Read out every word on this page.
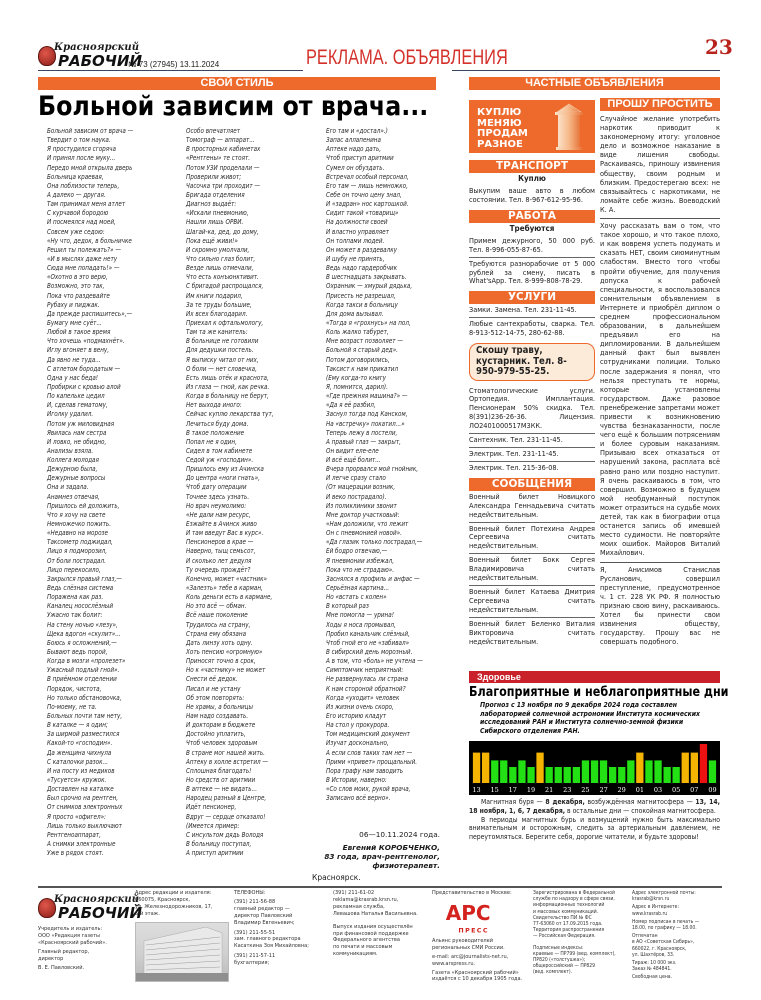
Красноярский
РАБОЧИЙ
№ 73 (27945) 13.11.2024	РЕКЛАМА. ОБЪЯВЛЕНИЯ	23
СВОЙ СТИЛЬ
Больной зависим от врача...
Больной зависим от врача —
Твердит о том наука.
Я простудился сгоряча
И принял после муку...
Передо мной открыла дверь
Больница краевая,
Она поблизости теперь,
А далеко — другая.
Там принимал меня атлет
С курчавой бородою
И посмеялся над моей,
Совсем уже седою:
«Ну что, дедок, в больничке
Решил ты полежать?» —
«И в мыслях даже нету
Сюда мне попадать!» —
«Охотно в это верю,
Возможно, это так,
Пока что раздевайте
Рубаху и пиджак.
Да прежде распишитесь»,—
Бумагу мне суёт...
Любой в такое время
Что хочешь «подмахнёт».
Иглу вгоняет в вену,
Да явно не туда...
С атлетом бородатым —
Одна у нас беда!
Пробирки с кровью алой
По капельке цедил
И, сделав гематому,
Иголку удалил.
Потом уж миловидная
Явилась нам сестра
И ловко, не обидно,
Анализы взяла.
Коллега молодая
Дежурною была,
Дежурные вопросы
Она и задала.
Анамнез отвечая,
Пришлось ей доложить,
Что я хочу на свете
Немножечко пожить.
«Недавно на морозе
Таксометр поджидал,
Лицо я подморозил,
От боли пострадал.
Лицо перекосило,
Закрылся правый глаз,—
Ведь слёзная система
Поражена как раз.
Каналец носослёзный
Ужасно так болит:
На стену ночью «лезу»,
Щека вдогон «скулит»...
Боюсь я осложнений,—
Бывают ведь порой,
Когда в мозги «пролезет»
Ужасный подлый гной».
В приёмном отделении
Порядок, чистота,
Но только обстановочка,
По-моему, не та.
Больных почти там нету,
В каталке — я один;
За ширмой разместился
Какой-то «господин».
Да женщина чихнула
С каталочки разок...
И на посту из медиков
«Тусуется» кружок.
Доставлен на каталке
Был срочно на рентген,
От снимков электронных
Я просто «офигел»:
Лишь только выключают
Рентгеноаппарат,
А снимки электронные
Уже в рядок стоят.
Особо впечатляет
Томограф — аппарат...
В просторных кабинетах
«Рентгены» те стоят.
Потом УЗИ проделали —
Проверили живот;
Часочка три проходит —
Бригада отделения
Диагноз выдаёт:
«Искали пневмонию,
Нашли лишь ОРВИ.
Шагай-ка, дед, до дому,
Пока ещё живи!»
И скромно умолчали,
Что сильно глаз болит,
Везде лишь отмечали,
Что есть конъюнктивит.
С бригадой распрощался,
Им книги подарил,
За те труды большие,
Их всех благодарил.
Приехал к офтальмологу,
Там та же канитель:
В больнице не готовили
Для дедушки постель.
Я выписку читал от них,
О боли — нет словечка,
Есть лишь отёк и краснота,
Из глаза — гной, как речка.
Когда в больницу не берут,
Нет выхода иного:
Сейчас куплю лекарства тут,
Лечиться буду дома.
В такое положение
Попал не я один,
Сидел в том кабинете
Седой уж «господин».
Пришлось ему из Ачинска
До центра «ноги гнать»,
Чтоб дату операции
Точнее здесь узнать.
Но врач неумолимо:
«Не дали нам ресурс,
Езжайте в Ачинск живо
И там введут Вас в курс».
Пенсионеров в крае —
Наверно, тыщ семьсот,
И сколько лет дедуля
Ту очередь прождёт?
Конечно, может «частник»
«Залезть» тебе в карман,
Коль деньги есть в кармане,
Но это всё — обман.
Всё наше поколение
Трудилось на страну,
Страна ему обязана
Дать линзу хоть одну.
Хоть пенсию «огромную»
Приносят точно в срок,
Но к «частнику» не может
Снести её дедок.
Писал и не устану
Об этом повторять:
Не храмы, а больницы
Нам надо создавать.
И докторам в бюджете
Достойно уплатить,
Чтоб человек здоровым
В стране мог нашей жить.
Аптеку в холле встретил —
Сплошная благодать!
Но средств от аритмии
В аптеке — не видать...
Народец разный в Центре,
Идёт пенсионер,
Вдруг — сердце отказало!
(Имеется пример:
С инсультом дядь Володя
В больницу поступал,
А приступ аритмии
Его там и «достал».)
Запас аллапенина
Аптеке надо дать,
Чтоб приступ аритмии
Сумел он обуздать.
Встречал особый персонал,
Его там — лишь немножко,
Себе он точно цену знал,
И «задран» нос картошкой.
Сидит такой «товарищ»
На должности своей
И властно управляет
Он толпами людей.
Он может в раздевалку
И шубу не принять,
Ведь надо гардеробчик
В шестнадцать закрывать.
Охранник — хмурый дядька,
Присесть не разрешал,
Когда такси в больницу
Для дома вызывал.
«Тогда я «грохнусь» на пол,
Коль жалко табурет,
Мне возраст позволяет —
Больной я старый дед».
Потом договорились,
Таксист к нам прикатил
(Ему когда-то книгу
Я, помнится, дарил).
«Где прежняя машина?» —
«Да я её разбил,
Заснул тогда под Канском,
На «встречку» покатил...»
Теперь лежу в постели,
А правый глаз — закрыт,
Он видит еле-еле
И всё ещё болит...
Вчера прорвался мой гнойник,
И легче сразу стало
(От мацерации возник,
И веко пострадало).
Из поликлиники звонит
Мне доктор участковый:
«Нам доложили, что лежит
Он с пневмонией новой».
«Да глазик только пострадал,—
Ей бодро отвечаю,—
Я пневмонии избежал,
Пока что не страдаю».
Заснялся в профиль и анфас —
Серьёзная картина...
Но «встать с колен»
В который раз
Мне помогла — урина!
Ходы я носа промывал,
Пробил канальчик слёзный,
Чтоб гной его не «забивал»
В сибирский день морозный.
А в том, что «боль» не учтена —
Симптомчик неприятный:
Не развернулась ли страна
К нам стороной обратной?
Когда «уходит» человек
Из жизни очень скоро,
Его историю кладут
На стол у прокурора.
Том медицинский документ
Изучат досконально,
А если слов таких там нет —
Прими «привет» прощальный.
Пора графу нам заводить
В Истории, наверно:
«Со слов моих, рукой врача,
Записано всё верно».
06—10.11.2024 года.
Евгений КОРОБЧЕНКО,
83 года, врач-рентгенолог,
физиотерапевт.
Красноярск.
ЧАСТНЫЕ ОБЪЯВЛЕНИЯ
КУПЛЮ
МЕНЯЮ
ПРОДАМ
РАЗНОЕ
ТРАНСПОРТ
Куплю
Выкупим ваше авто в любом состоянии. Тел. 8-967-612-95-96.
РАБОТА
Требуются
Примем дежурного, 50 000 руб. Тел. 8-996-055-87-65.
Требуются разнорабочие от 5 000 рублей за смену, писать в What'sApp. Тел. 8-999-808-78-29.
УСЛУГИ
Замки. Замена. Тел. 231-11-45.
Любые сантехработы, сварка. Тел. 8-913-512-14-75, 280-62-88.
Скошу траву, кустарник. Тел. 8-950-979-55-25.
Стоматологические услуги. Ортопедия. Имплантация. Пенсионерам 50% скидка. Тел. 8(391)236-26-36. Лицензия. ЛО2401000517М3КК.
Сантехник. Тел. 231-11-45.
Электрик. Тел. 231-11-45.
Электрик. Тел. 215-36-08.
СООБЩЕНИЯ
Военный билет Новицкого Александра Геннадьевича считать недействительным.
Военный билет Потехина Андрея Сергеевича считать недействительным.
Военный билет Бокк Сергея Владимировича считать недействительным.
Военный билет Катаева Дмитрия Сергеевича считать недействительным.
Военный билет Беленко Виталия Викторовича считать недействительным.
ПРОШУ ПРОСТИТЬ

Случайное желание употребить наркотик приводит к закономерному итогу: уголовное дело и возможное наказание в виде лишения свободы. Раскаиваясь, приношу извинения обществу, своим родным и близким. Предостерегаю всех: не связывайтесь с наркотиками, не ломайте себе жизнь. Воеводский К. А.

Хочу рассказать вам о том, что такое хорошо, и что такое плохо, и как вовремя успеть подумать и сказать НЕТ, своим сиюминутным слабостям. Вместо того чтобы пройти обучение, для получения допуска к рабочей специальности, я воспользовался сомнительным объявлением в Интернете и приобрёл диплом о среднем профессиональном образовании, в дальнейшем предъявил его на дипломировании. В дальнейшем данный факт был выявлен сотрудниками полиции. Только после задержания я понял, что нельзя преступать те нормы, которые установлены государством. Даже разовое пренебрежение запретами может привести к возникновению чувства безнаказанности, после чего ещё к большим потрясениям и более суровым наказаниям. Призываю всех отказаться от нарушений закона, расплата всё равно рано или поздно наступит. Я очень раскаиваюсь в том, что совершил. Возможно в будущем мой необдуманный поступок может отразиться на судьбе моих детей, так как в биографии отца останется запись об имевшей место судимости. Не повторяйте моих ошибок. Майоров Виталий Михайлович.

Я, Анисимов Станислав Русланович, совершил преступление, предусмотренное ч. 1 ст. 228 УК РФ. Я полностью признаю свою вину, раскаиваюсь. Хотел бы принести свои извинения обществу, государству. Прошу вас не совершать подобного.

Здоровье
Благоприятные и неблагоприятные дни
Прогноз с 13 ноября по 9 декабря 2024 года составлен лабораторией солнечной астрономии Института космических исследований РАН и Института солнечно-земной физики Сибирского отделения РАН.
13 15 17 19 21 23 25 27 29 01 03 05 07 09

Магнитная буря — 8 декабря, возбуждённая магнитосфера — 13, 14, 18 ноября, 1, 6, 7 декабря, в остальные дни — спокойная магнитосфера.

В периоды магнитных бурь и возмущений нужно быть максимально внимательным и осторожным, следить за артериальным давлением, не переутомляться. Берегите себя, дорогие читатели, и будьте здоровы!

Красноярский
РАБОЧИЙ
Учредитель и издатель:
ООО «Редакция газеты
«Красноярский рабочий».
Главный редактор,
директор
В. Е. Павловский.
Адрес редакции и издателя:
660075, Красноярск,
ул. Железнодорожников, 17,
5-й этаж.
ТЕЛЕФОНЫ:
(391) 211-56-88
главный редактор —
директор Павловский
Владимир Евгеньевич;
(391) 211-55-51
зам. главного редактора
Касаткина Зоя Михайловна;
(391) 211-57-11
бухгалтерия;
(391) 211-61-02
reklama@krasrab.krsn.ru,
рекламная служба,
Левашова Наталья Васильевна.
Выпуск издания осуществлён
при финансовой поддержке
Федерального агентства
по печати и массовым
коммуникациям.
Представительство в Москве:
АРС
ПРЕСС
Альянс руководителей
региональных СМИ России.
e-mail: arc@journalists-net.ru,
www.arspress.ru.
Газета «Красноярский рабочий»
издаётся с 10 декабря 1905 года.
Зарегистрирована в Федеральной
службе по надзору в сфере связи,
информационных технологий
и массовых коммуникаций.
Свидетельство ПИ № ФС
77-63060 от 17.09.2015 года.
Территория распространения
— Российская Федерация.
Подписные индексы:
краевые — ПР799 (вед. комплект),
ПР820 («толстушка»);
общероссийский — ПР829
(вед. комплект).
Адрес электронной почты:
krasrab@krsn.ru
Адрес в Интернете:
www.krasrab.ru
Номер подписан в печать —
18.00, по графику — 18.00.
Отпечатан
в АО «Советская Сибирь»,
660022, г. Красноярск,
ул. Шахтёров, 33.
Тираж: 10 000 экз.
Заказ № 484841.
Свободная цена.
